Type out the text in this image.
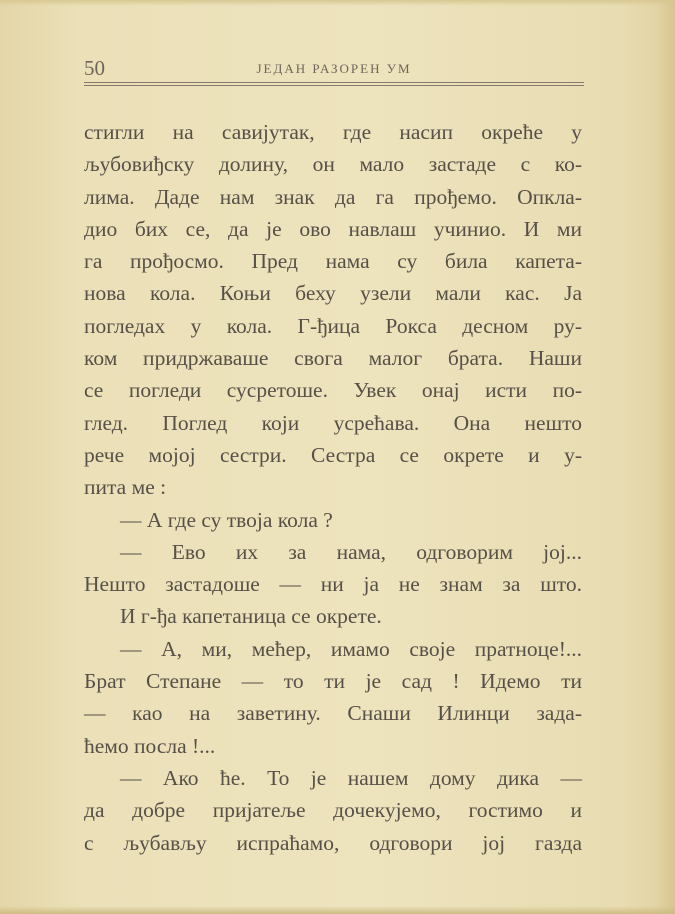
50	ЈЕДАН РАЗОРЕН УМ
стигли на савијутак, где насип окреће у
љубовиђску долину, он мало застаде с ко-
лима. Даде нам знак да га прођемо. Опкла-
дио бих се, да је ово навлаш учинио. И ми
га прођосмо. Пред нама су била капета-
нова кола. Коњи беху узели мали кас. Ја
погледах у кола. Г-ђица Рокса десном ру-
ком придржаваше свога малог брата. Наши
се погледи сусретоше. Увек онај исти по-
глед. Поглед који усрећава. Она нешто
рече мојој сестри. Сестра се окрете и у-
пита ме :
— А где су твоја кола ?
— Ево их за нама, одговорим јој...
Нешто застадоше — ни ја не знам за што.
И г-ђа капетаница се окрете.
— А, ми, мећер, имамо своје пратноце!...
Брат Степане — то ти је сад ! Идемо ти
— као на заветину. Снаши Илинци зада-
ћемо посла !...
— Ако ће. То је нашем дому дика —
да добре пријатеље дочекујемо, гостимо и
с љубављу испраћамо, одговори јој газда
